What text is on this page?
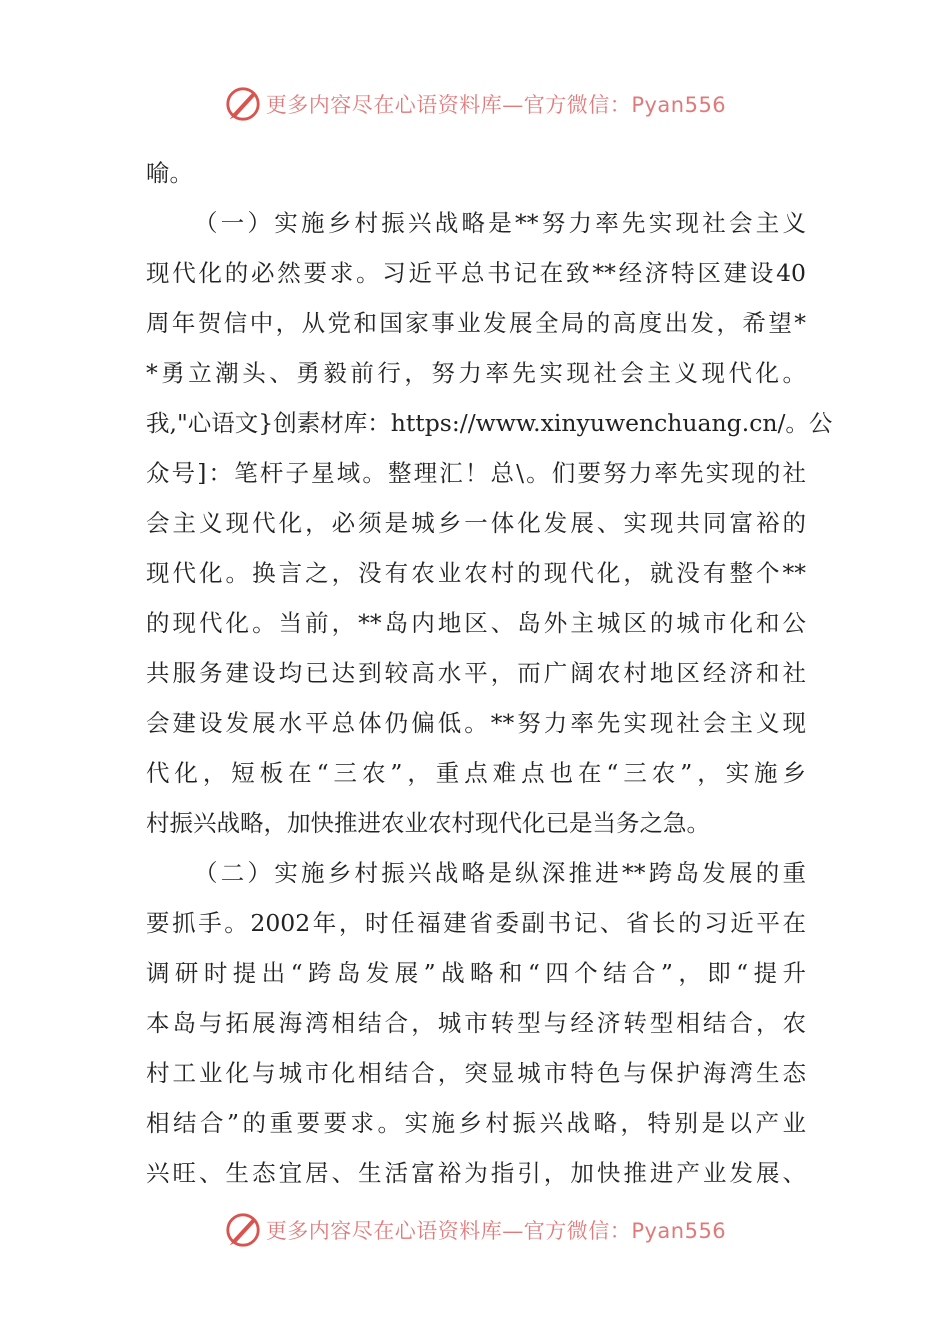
更多内容尽在心语资料库—官方微信：Pyan556
喻。
（一）实施乡村振兴战略是**努力率先实现社会主义
现代化的必然要求。习近平总书记在致**经济特区建设40
周年贺信中，从党和国家事业发展全局的高度出发，希望*
*勇立潮头、勇毅前行，努力率先实现社会主义现代化。
我,"心语文}创素材库：https://www.xinyuwenchuang.cn/。公
众号]：笔杆子星域。整理汇！总\。们要努力率先实现的社
会主义现代化，必须是城乡一体化发展、实现共同富裕的
现代化。换言之，没有农业农村的现代化，就没有整个**
的现代化。当前，**岛内地区、岛外主城区的城市化和公
共服务建设均已达到较高水平，而广阔农村地区经济和社
会建设发展水平总体仍偏低。**努力率先实现社会主义现
代化，短板在“三农”，重点难点也在“三农”，实施乡
村振兴战略，加快推进农业农村现代化已是当务之急。
（二）实施乡村振兴战略是纵深推进**跨岛发展的重
要抓手。2002年，时任福建省委副书记、省长的习近平在
调研时提出“跨岛发展”战略和“四个结合”，即“提升
本岛与拓展海湾相结合，城市转型与经济转型相结合，农
村工业化与城市化相结合，突显城市特色与保护海湾生态
相结合”的重要要求。实施乡村振兴战略，特别是以产业
兴旺、生态宜居、生活富裕为指引，加快推进产业发展、
更多内容尽在心语资料库—官方微信：Pyan556
